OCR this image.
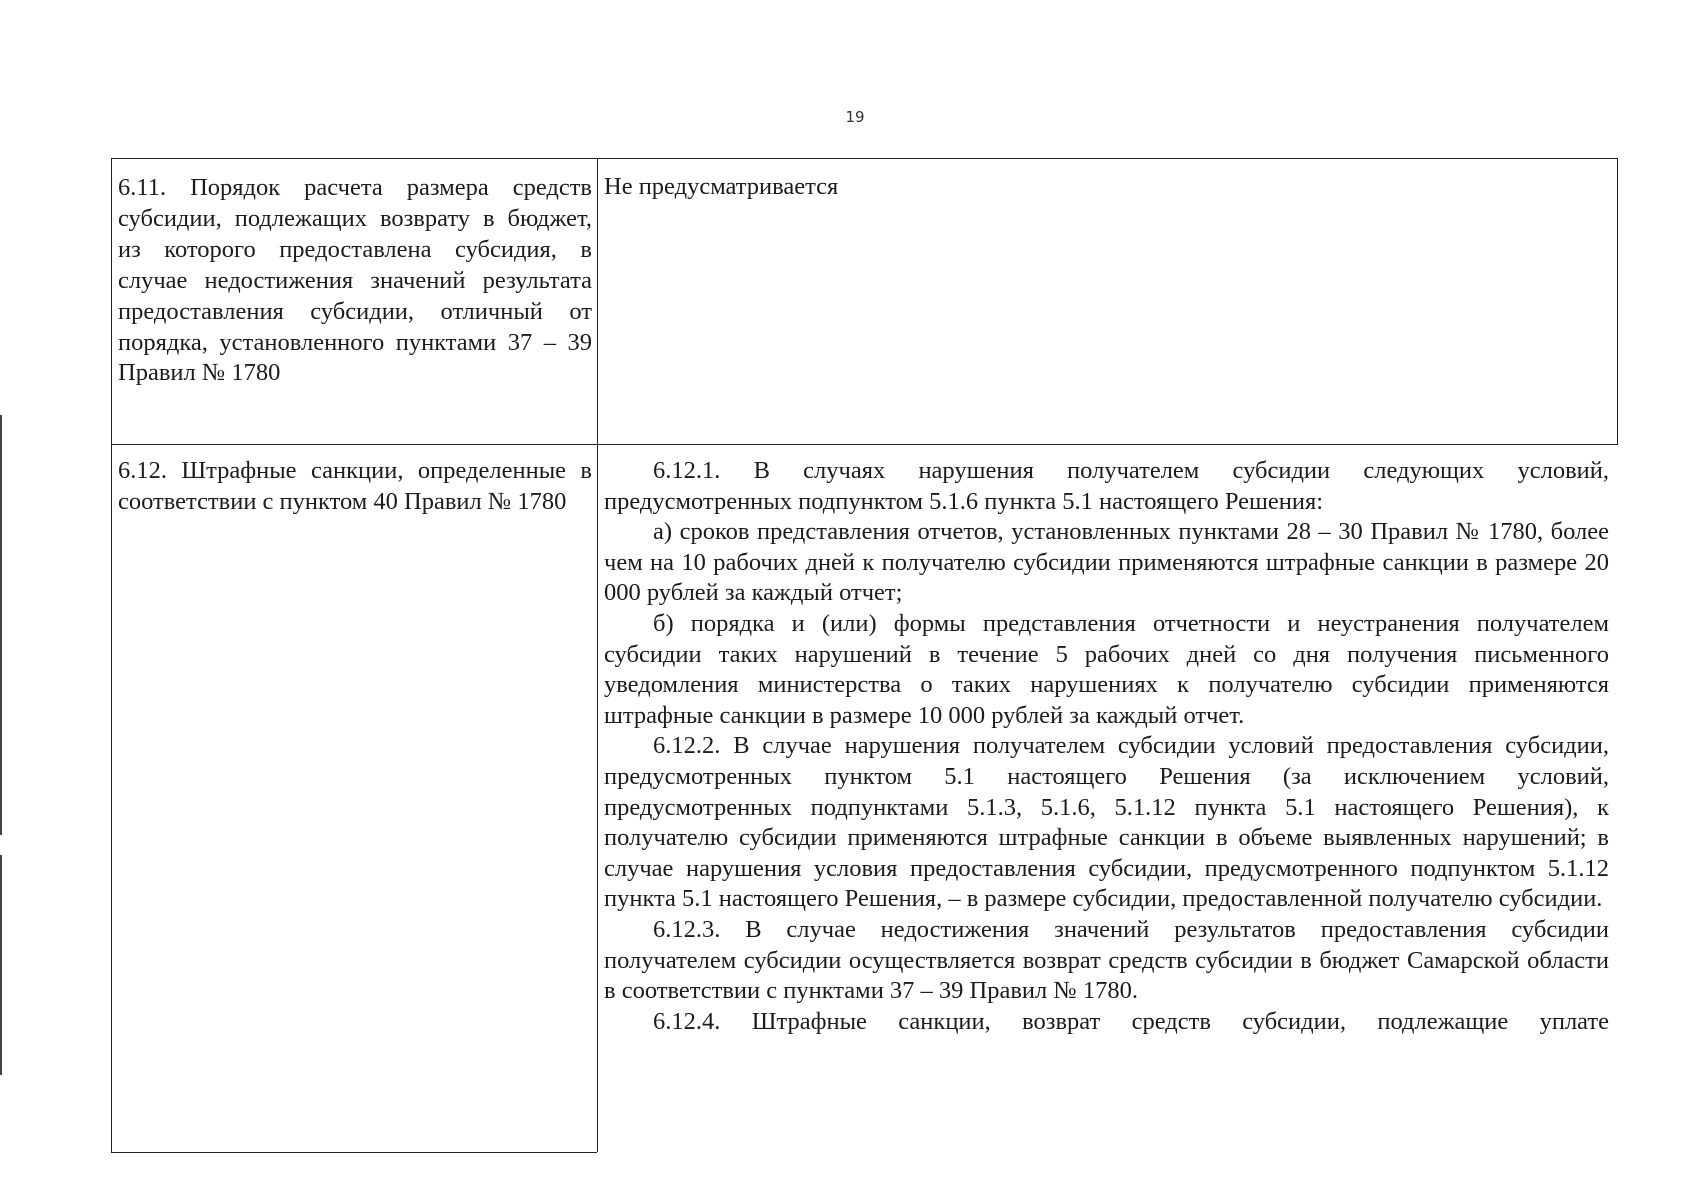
19
6.11. Порядок расчета размера средств субсидии, подлежащих возврату в бюджет, из которого предоставлена субсидия, в случае недостижения значений результата предоставления субсидии, отличный от порядка, установленного пунктами 37 – 39 Правил № 1780

Не предусматривается

6.12. Штрафные санкции, определенные в соответствии с пунктом 40 Правил № 1780

6.12.1. В случаях нарушения получателем субсидии следующих условий, предусмотренных подпунктом 5.1.6 пункта 5.1 настоящего Решения:

а) сроков представления отчетов, установленных пунктами 28 – 30 Правил № 1780, более чем на 10 рабочих дней к получателю субсидии применяются штрафные санкции в размере 20 000 рублей за каждый отчет;

б) порядка и (или) формы представления отчетности и неустранения получателем субсидии таких нарушений в течение 5 рабочих дней со дня получения письменного уведомления министерства о таких нарушениях к получателю субсидии применяются штрафные санкции в размере 10 000 рублей за каждый отчет.

6.12.2. В случае нарушения получателем субсидии условий предоставления субсидии, предусмотренных пунктом 5.1 настоящего Решения (за исключением условий, предусмотренных подпунктами 5.1.3, 5.1.6, 5.1.12 пункта 5.1 настоящего Решения), к получателю субсидии применяются штрафные санкции в объеме выявленных нарушений; в случае нарушения условия предоставления субсидии, предусмотренного подпунктом 5.1.12 пункта 5.1 настоящего Решения, – в размере субсидии, предоставленной получателю субсидии.

6.12.3. В случае недостижения значений результатов предоставления субсидии получателем субсидии осуществляется возврат средств субсидии в бюджет Самарской области в соответствии с пунктами 37 – 39 Правил № 1780.

6.12.4. Штрафные санкции, возврат средств субсидии, подлежащие уплате
